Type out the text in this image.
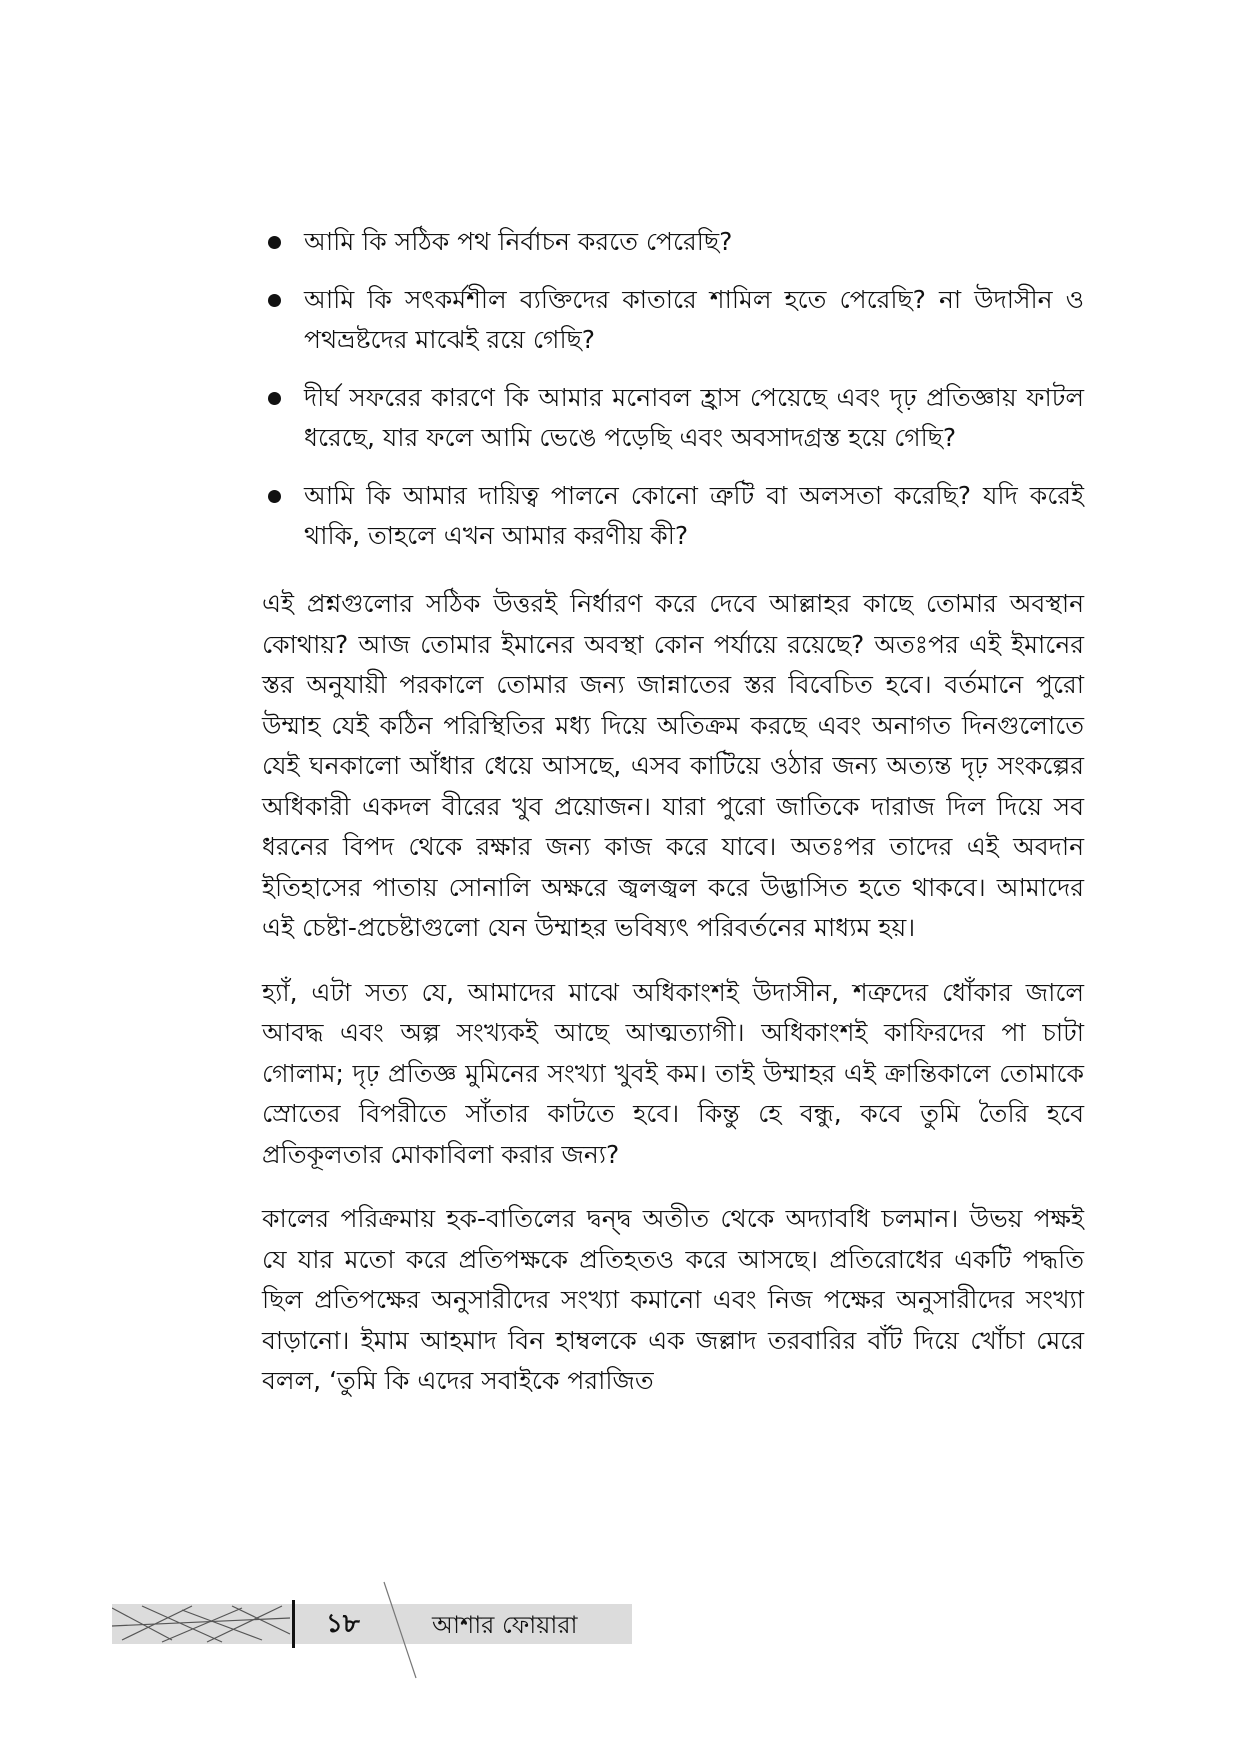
আমি কি সঠিক পথ নির্বাচন করতে পেরেছি?
আমি কি সৎকর্মশীল ব্যক্তিদের কাতারে শামিল হতে পেরেছি? না উদাসীন ও পথভ্রষ্টদের মাঝেই রয়ে গেছি?
দীর্ঘ সফরের কারণে কি আমার মনোবল হ্রাস পেয়েছে এবং দৃঢ় প্রতিজ্ঞায় ফাটল ধরেছে, যার ফলে আমি ভেঙে পড়েছি এবং অবসাদগ্রস্ত হয়ে গেছি?
আমি কি আমার দায়িত্ব পালনে কোনো ত্রুটি বা অলসতা করেছি? যদি করেই থাকি, তাহলে এখন আমার করণীয় কী?

এই প্রশ্নগুলোর সঠিক উত্তরই নির্ধারণ করে দেবে আল্লাহর কাছে তোমার অবস্থান কোথায়? আজ তোমার ইমানের অবস্থা কোন পর্যায়ে রয়েছে? অতঃপর এই ইমানের স্তর অনুযায়ী পরকালে তোমার জন্য জান্নাতের স্তর বিবেচিত হবে। বর্তমানে পুরো উম্মাহ যেই কঠিন পরিস্থিতির মধ্য দিয়ে অতিক্রম করছে এবং অনাগত দিনগুলোতে যেই ঘনকালো আঁধার ধেয়ে আসছে, এসব কাটিয়ে ওঠার জন্য অত্যন্ত দৃঢ় সংকল্পের অধিকারী একদল বীরের খুব প্রয়োজন। যারা পুরো জাতিকে দারাজ দিল দিয়ে সব ধরনের বিপদ থেকে রক্ষার জন্য কাজ করে যাবে। অতঃপর তাদের এই অবদান ইতিহাসের পাতায় সোনালি অক্ষরে জ্বলজ্বল করে উদ্ভাসিত হতে থাকবে। আমাদের এই চেষ্টা-প্রচেষ্টাগুলো যেন উম্মাহর ভবিষ্যৎ পরিবর্তনের মাধ্যম হয়।

হ্যাঁ, এটা সত্য যে, আমাদের মাঝে অধিকাংশই উদাসীন, শত্রুদের ধোঁকার জালে আবদ্ধ এবং অল্প সংখ্যকই আছে আত্মত্যাগী। অধিকাংশই কাফিরদের পা চাটা গোলাম; দৃঢ় প্রতিজ্ঞ মুমিনের সংখ্যা খুবই কম। তাই উম্মাহর এই ক্রান্তিকালে তোমাকে স্রোতের বিপরীতে সাঁতার কাটতে হবে। কিন্তু হে বন্ধু, কবে তুমি তৈরি হবে প্রতিকূলতার মোকাবিলা করার জন্য?

কালের পরিক্রমায় হক-বাতিলের দ্বন্দ্ব অতীত থেকে অদ্যাবধি চলমান। উভয় পক্ষই যে যার মতো করে প্রতিপক্ষকে প্রতিহতও করে আসছে। প্রতিরোধের একটি পদ্ধতি ছিল প্রতিপক্ষের অনুসারীদের সংখ্যা কমানো এবং নিজ পক্ষের অনুসারীদের সংখ্যা বাড়ানো। ইমাম আহমাদ বিন হাম্বলকে এক জল্লাদ তরবারির বাঁট দিয়ে খোঁচা মেরে বলল, ‘তুমি কি এদের সবাইকে পরাজিত

১৮	আশার ফোয়ারা
